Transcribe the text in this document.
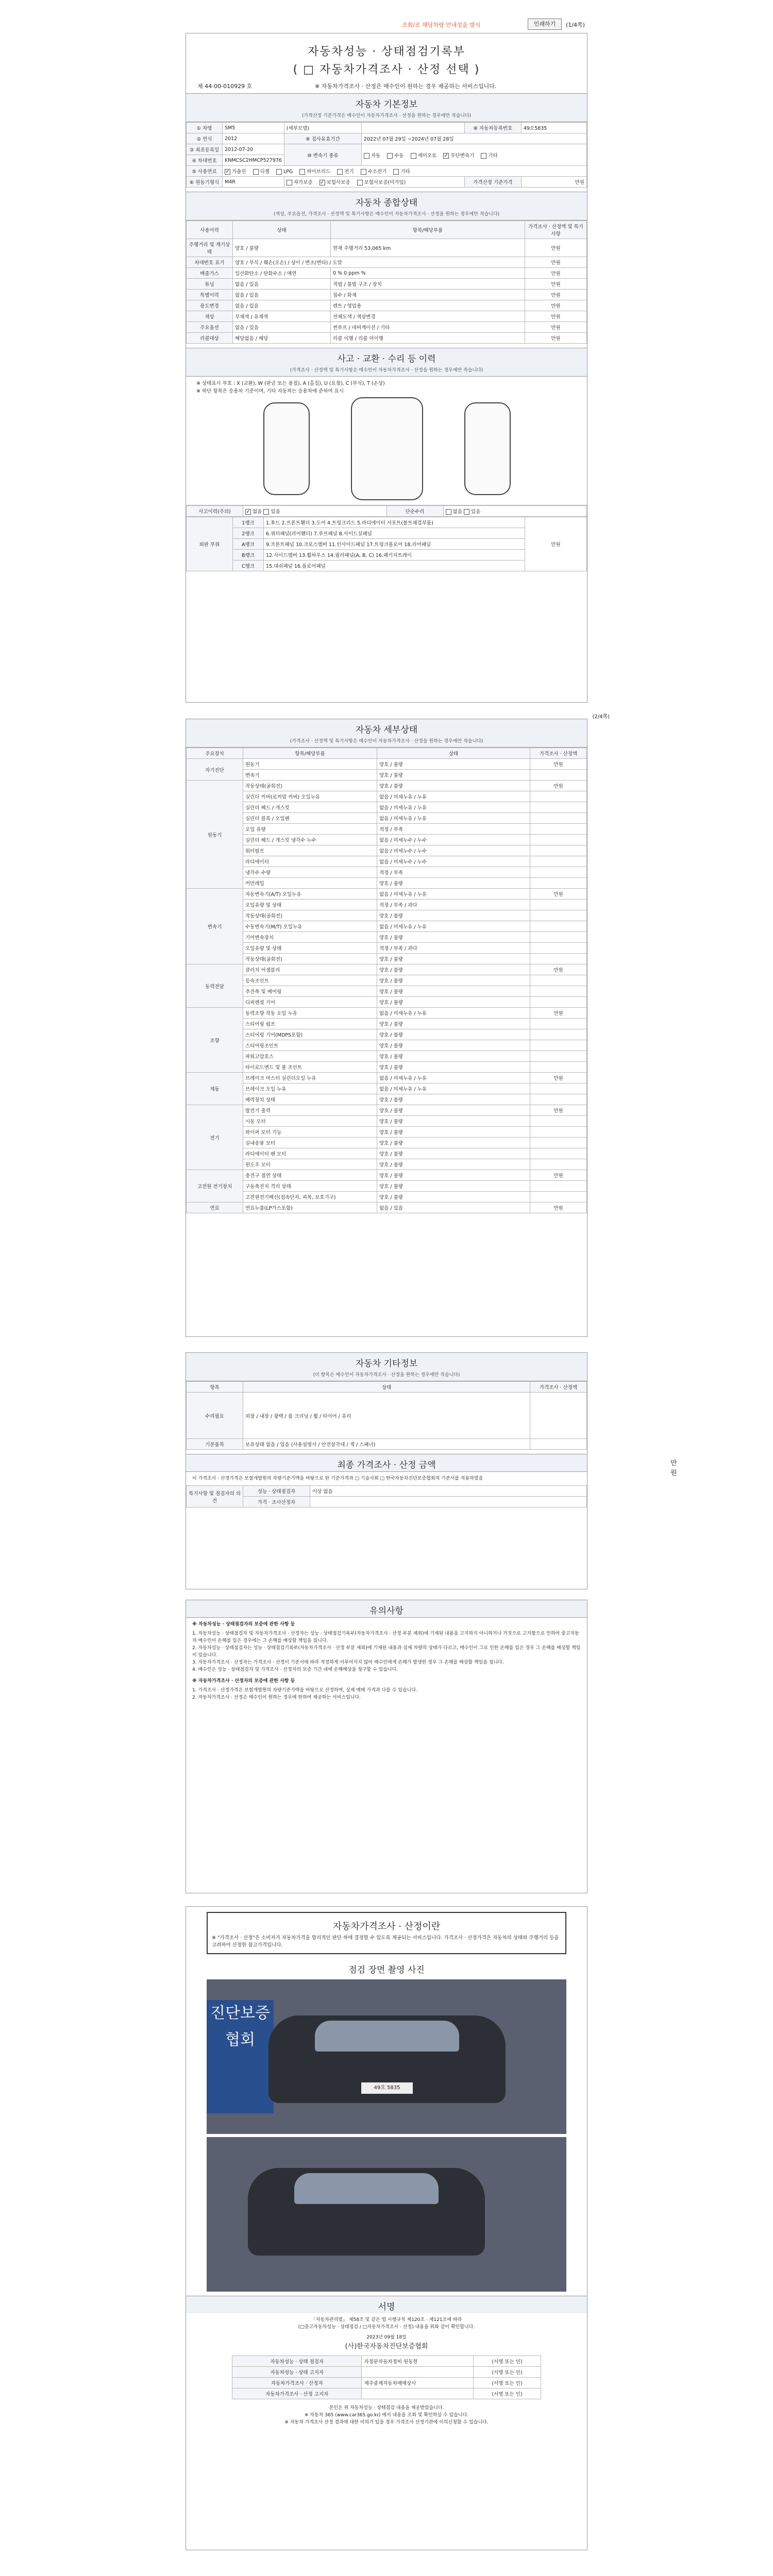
조회/로 해당차량 안내성을 방식	인쇄하기	(1/4쪽)
자동차성능 · 상태점검기록부
( □ 자동차가격조사 · 산정 선택 )
제 44-00-010929 호	※ 자동차가격조사 · 산정은 매수인이 원하는 경우 제공하는 서비스입니다.
자동차 기본정보
(가격산정 기준가격은 매수인이 자동차가격조사 · 산정을 원하는 경우에만 적습니다)
① 차명	SM5	(세부모델)		⑧ 자동차등록번호	49오5835
② 연식	2012	⑨ 검사유효기간	2022년 07월 29일 ~2024년 07월 28일		
③ 최초등록일	2012-07-20	⑩ 변속기 종류	자동 수동 세미오토 ✓ 무단변속기 기타
④ 차대번호	KNMCSC2HMCP527976				
⑤ 사용연료	✓가솔린 디젤 LPG 하이브리드 전기 수소전기 기타
⑥ 원동기형식	M4R	자가보증 ✓ 보험사보증 보험사보증(미가입)		가격산정 기준가격	만원
자동차 종합상태
(색상, 주요옵션, 가격조사 · 산정액 및 특기사항은 매수인이 자동차가격조사 · 산정을 원하는 경우에만 적습니다)
사용이력	상태	항목/해당부품	가격조사 · 산정액 및 특기사항
주행거리 및 계기상태	양호 / 불량	현재 주행거리 53,065 km	만원
차대번호 표기	양호 / 부식 / 훼손(오손) / 상이 / 변조(변타) / 도말		만원
배출가스	일산화탄소 / 탄화수소 / 매연	0 % 0 ppm %	만원
튜닝	없음 / 있음	적법 / 불법 구조 / 장치	만원
특별이력	없음 / 있음	침수 / 화재	만원
용도변경	없음 / 있음	렌트 / 영업용	만원
색상	무채색 / 유채색	전체도색 / 색상변경	만원
주요옵션	없음 / 있음	썬루프 / 네비게이션 / 기타	만원
리콜대상	해당없음 / 해당	리콜 이행 / 리콜 미이행	만원
사고 · 교환 · 수리 등 이력
(가격조사 · 산정액 및 특기사항은 매수인이 자동차가격조사 · 산정을 원하는 경우에만 적습니다)
※ 상태표시 부호 : X (교환), W (판금 또는 용접), A (흠집), U (요철), C (부식), T (손상)
※ 하단 항목은 승용차 기준이며, 기타 자동차는 승용차에 준하여 표시
사고이력(주의)	✓없음 있음	단순수리	없음 있음
외판 부위	1랭크	1.후드 2.프론트휀더 3.도어 4.트렁크리드 5.라디에이터 서포트(볼트체결부품)	만원
	2랭크	6.쿼터패널(리어휀더) 7.루프패널 8.사이드실패널	
	A랭크	9.프론트패널 10.크로스멤버 11.인사이드패널 17.트렁크플로어 18.리어패널	
	B랭크	12.사이드멤버 13.휠하우스 14.필러패널(A, B, C) 16.패키지트레이	
	C랭크	15.대쉬패널 16.플로어패널	
(2/4쪽)
자동차 세부상태
(가격조사 · 산정액 및 특기사항은 매수인이 자동차가격조사 · 산정을 원하는 경우에만 적습니다)
주요장치	항목/해당부품	상태	가격조사 · 산정액
자기진단	원동기	양호 / 불량	만원
	변속기	양호 / 불량	
원동기	작동상태(공회전)	양호 / 불량	만원
	실린더 커버(로커암 커버) 오일누유	없음 / 미세누유 / 누유	
	실린더 헤드 / 개스킷	없음 / 미세누유 / 누유	
	실린더 블록 / 오일팬	없음 / 미세누유 / 누유	
	오일 유량	적정 / 부족	
	실린더 헤드 / 개스킷 냉각수 누수	없음 / 미세누수 / 누수	
	워터펌프	없음 / 미세누수 / 누수	
	라디에이터	없음 / 미세누수 / 누수	
	냉각수 수량	적정 / 부족	
	커먼레일	양호 / 불량	
변속기	자동변속기(A/T) 오일누유	없음 / 미세누유 / 누유	만원
	오일유량 및 상태	적정 / 부족 / 과다	
	작동상태(공회전)	양호 / 불량	
	수동변속기(M/T) 오일누유	없음 / 미세누유 / 누유	
	기어변속장치	양호 / 불량	
	오일유량 및 상태	적정 / 부족 / 과다	
	작동상태(공회전)	양호 / 불량	
동력전달	클러치 어셈블리	양호 / 불량	만원
	등속조인트	양호 / 불량	
	추진축 및 베어링	양호 / 불량	
	디퍼렌셜 기어	양호 / 불량	
조향	동력조향 작동 오일 누유	없음 / 미세누유 / 누유	만원
	스티어링 펌프	양호 / 불량	
	스티어링 기어(MDPS포함)	양호 / 불량	
	스티어링조인트	양호 / 불량	
	파워고압호스	양호 / 불량	
	타이로드엔드 및 볼 조인트	양호 / 불량	
제동	브레이크 마스터 실린더오일 누유	없음 / 미세누유 / 누유	만원
	브레이크 오일 누유	없음 / 미세누유 / 누유	
	배력장치 상태	양호 / 불량	
전기	발전기 출력	양호 / 불량	만원
	시동 모터	양호 / 불량	
	와이퍼 모터 기능	양호 / 불량	
	실내송풍 모터	양호 / 불량	
	라디에이터 팬 모터	양호 / 불량	
	윈도우 모터	양호 / 불량	
고전원 전기장치	충전구 절연 상태	양호 / 불량	만원
	구동축전지 격리 상태	양호 / 불량	
	고전원전기배선(접속단자, 피복, 보호기구)	양호 / 불량	
연료	연료누출(LP가스포함)	없음 / 있음	만원
자동차 기타정보
(더 항목은 매수인이 자동차가격조사 · 산정을 원하는 경우에만 적습니다)
항목	상태	가격조사 · 산정액
수리필요	외장 / 내장 / 광택 / 룸 크리닝 / 휠 / 타이어 / 유리	
기본품목	보유상태 없음 / 있음 (사용설명서 / 안전삼각대 / 잭 / 스패너)	
최종 가격조사 · 산정 금액	만원
이 가격조사 · 산정가격은 보험개발원의 차량기준가액을 바탕으로 한 기준가격과 □ 기술사회 □ 한국자동차진단보증협회의 기준서를 적용하였음
특기사항 및 점검자의 의견	성능 · 상태점검자	이상 없음
	가격 · 조사산정자	
유의사항
※ 자동차성능 · 상태점검자의 보증에 관한 사항 등
1. 자동차성능 · 상태점검자 및 자동차가격조사 · 산정자는 성능 · 상태점검기록부(자동차가격조사 · 산정 부분 제외)에 기재된 내용을 고지하지 아니하거나 거짓으로 고지함으로 인하여 중고자동차 매수인이 손해를 입은 경우에는 그 손해를 배상할 책임을 집니다.
2. 자동차성능 · 상태점검자는 성능 · 상태점검기록부(자동차가격조사 · 산정 부분 제외)에 기재된 내용과 실제 차량의 상태가 다르고, 매수인이 그로 인한 손해를 입은 경우 그 손해를 배상할 책임이 있습니다.
3. 자동차가격조사 · 산정자는 가격조사 · 산정이 기준서에 따라 적정하게 이루어지지 않아 매수인에게 손해가 발생한 경우 그 손해를 배상할 책임을 집니다.
4. 매수인은 성능 · 상태점검자 및 가격조사 · 산정자의 보증 기간 내에 손해배상을 청구할 수 있습니다.
※ 자동차가격조사 · 산정자의 보증에 관한 사항 등
1. 가격조사 · 산정가격은 보험개발원의 차량기준가액을 바탕으로 산정하며, 실제 매매 가격과 다를 수 있습니다.
2. 자동차가격조사 · 산정은 매수인이 원하는 경우에 한하여 제공하는 서비스입니다.
자동차가격조사 · 산정이란
※ "가격조사 · 산정"은 소비자가 자동차가격을 합리적인 판단 하에 결정할 수 있도록 제공되는 서비스입니다. 가격조사 · 산정가격은 자동차의 상태와 주행거리 등을 고려하여 산정한 참고가격입니다.
점검 장면 촬영 사진
진단보증협회
49오 5835
서명
「자동차관리법」 제58조 및 같은 법 시행규칙 제120조 · 제121조에 따라
(□중고자동차성능 · 상태점검 / □자동차가격조사 · 산정) 내용을 위와 같이 확인합니다.
2023년 09월 18일
(사)한국자동차진단보증협회
자동차성능 · 상태 점검자	자정문자동차정비 원동현	(서명 또는 인)
자동차성능 · 상태 고지자		(서명 또는 인)
자동차가격조사 · 산정자	제주중제자동차매매상사	(서명 또는 인)
자동차가격조사 · 산정 고지자		(서명 또는 인)
본인은 위 자동차성능 · 상태점검 내용을 제공받았습니다.
※ 자동차 365 (www.car365.go.kr) 에서 내용을 조회 및 확인하실 수 있습니다.
※ 자동차 가격조사 산정 결과에 대한 이의가 있을 경우 가격조사 산정기관에 이의신청할 수 있습니다.
